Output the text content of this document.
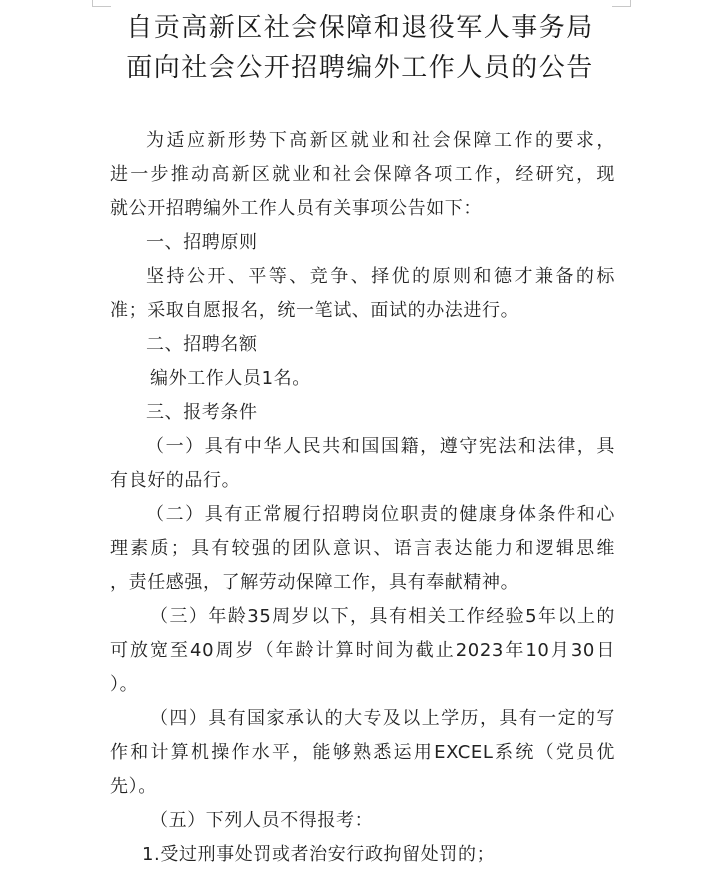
自贡高新区社会保障和退役军人事务局
面向社会公开招聘编外工作人员的公告
为适应新形势下高新区就业和社会保障工作的要求，
进一步推动高新区就业和社会保障各项工作，经研究，现
就公开招聘编外工作人员有关事项公告如下：
一、招聘原则
坚持公开、平等、竞争、择优的原则和德才兼备的标
准；采取自愿报名，统一笔试、面试的办法进行。
二、招聘名额
编外工作人员1名。
三、报考条件
（一）具有中华人民共和国国籍，遵守宪法和法律，具
有良好的品行。
（二）具有正常履行招聘岗位职责的健康身体条件和心
理素质；具有较强的团队意识、语言表达能力和逻辑思维
，责任感强，了解劳动保障工作，具有奉献精神。
（三）年龄35周岁以下，具有相关工作经验5年以上的
可放宽至40周岁（年龄计算时间为截止2023年10月30日
）。
（四）具有国家承认的大专及以上学历，具有一定的写
作和计算机操作水平，能够熟悉运用EXCEL系统（党员优
先）。
（五）下列人员不得报考：
1.受过刑事处罚或者治安行政拘留处罚的；
